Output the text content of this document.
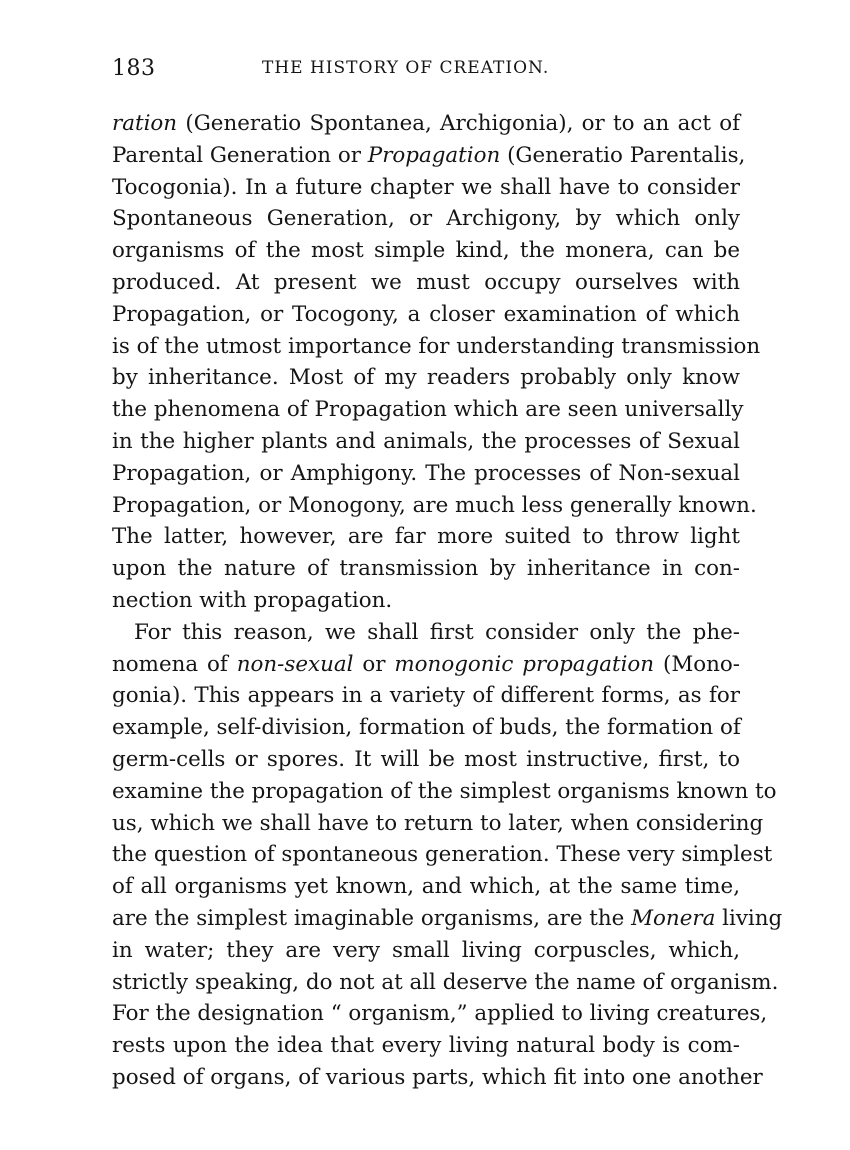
183	THE HISTORY OF CREATION.
ration (Generatio Spontanea, Archigonia), or to an act of
Parental Generation or Propagation (Generatio Parentalis,
Tocogonia). In a future chapter we shall have to consider
Spontaneous Generation, or Archigony, by which only
organisms of the most simple kind, the monera, can be
produced. At present we must occupy ourselves with
Propagation, or Tocogony, a closer examination of which
is of the utmost importance for understanding transmission
by inheritance. Most of my readers probably only know
the phenomena of Propagation which are seen universally
in the higher plants and animals, the processes of Sexual
Propagation, or Amphigony. The processes of Non-sexual
Propagation, or Monogony, are much less generally known.
The latter, however, are far more suited to throw light
upon the nature of transmission by inheritance in con-
nection with propagation.
For this reason, we shall first consider only the phe-
nomena of non-sexual or monogonic propagation (Mono-
gonia). This appears in a variety of different forms, as for
example, self-division, formation of buds, the formation of
germ-cells or spores. It will be most instructive, first, to
examine the propagation of the simplest organisms known to
us, which we shall have to return to later, when considering
the question of spontaneous generation. These very simplest
of all organisms yet known, and which, at the same time,
are the simplest imaginable organisms, are the Monera living
in water; they are very small living corpuscles, which,
strictly speaking, do not at all deserve the name of organism.
For the designation “ organism,” applied to living creatures,
rests upon the idea that every living natural body is com-
posed of organs, of various parts, which fit into one another
